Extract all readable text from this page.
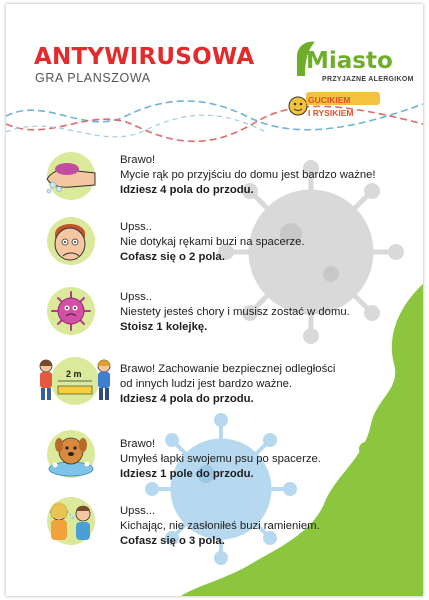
ANTYWIRUSOWA
GRA PLANSZOWA
Miasto
PRZYJAZNE ALERGIKOM
GUCIKIEM
I RYSIKIEM
Brawo!
Mycie rąk po przyjściu do domu jest bardzo ważne!
Idziesz 4 pola do przodu.
Upss..
Nie dotykaj rękami buzi na spacerze.
Cofasz się o 2 pola.
Upss..
Niestety jesteś chory i musisz zostać w domu.
Stoisz 1 kolejkę.
2 m	Brawo! Zachowanie bezpiecznej odległości
od innych ludzi jest bardzo ważne.
Idziesz 4 pola do przodu.
Brawo!
Umyłeś łapki swojemu psu po spacerze.
Idziesz 1 pole do przodu.
Upss...
Kichając, nie zasłoniłeś buzi ramieniem.
Cofasz się o 3 pola.
